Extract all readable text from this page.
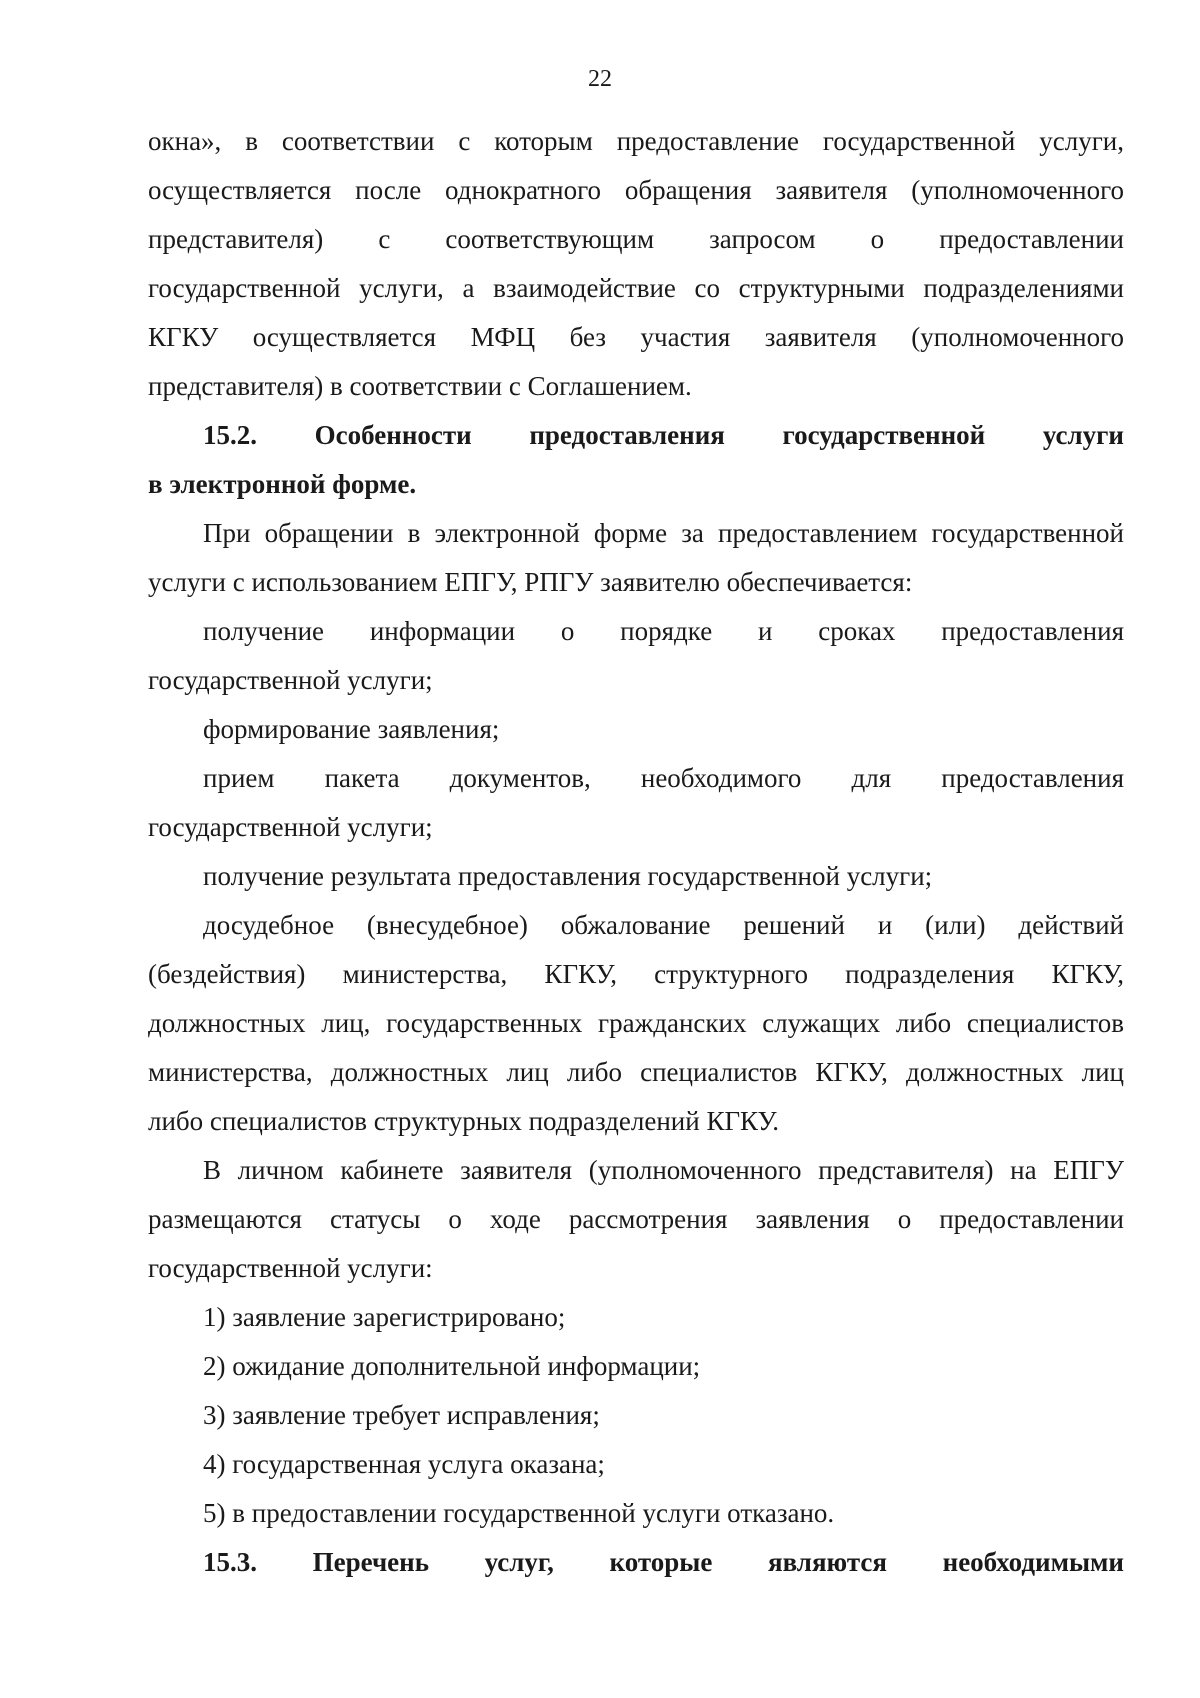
22

окна», в соответствии с которым предоставление государственной услуги,

осуществляется после однократного обращения заявителя (уполномоченного

представителя) с соответствующим запросом о предоставлении

государственной услуги, а взаимодействие со структурными подразделениями

КГКУ осуществляется МФЦ без участия заявителя (уполномоченного

представителя) в соответствии с Соглашением.

15.2. Особенности предоставления государственной услуги

в электронной форме.

При обращении в электронной форме за предоставлением государственной

услуги с использованием ЕПГУ, РПГУ заявителю обеспечивается:

получение информации о порядке и сроках предоставления

государственной услуги;

формирование заявления;

прием пакета документов, необходимого для предоставления

государственной услуги;

получение результата предоставления государственной услуги;

досудебное (внесудебное) обжалование решений и (или) действий

(бездействия) министерства, КГКУ, структурного подразделения КГКУ,

должностных лиц, государственных гражданских служащих либо специалистов

министерства, должностных лиц либо специалистов КГКУ, должностных лиц

либо специалистов структурных подразделений КГКУ.

В личном кабинете заявителя (уполномоченного представителя) на ЕПГУ

размещаются статусы о ходе рассмотрения заявления о предоставлении

государственной услуги:

1) заявление зарегистрировано;

2) ожидание дополнительной информации;

3) заявление требует исправления;

4) государственная услуга оказана;

5) в предоставлении государственной услуги отказано.

15.3. Перечень услуг, которые являются необходимыми
